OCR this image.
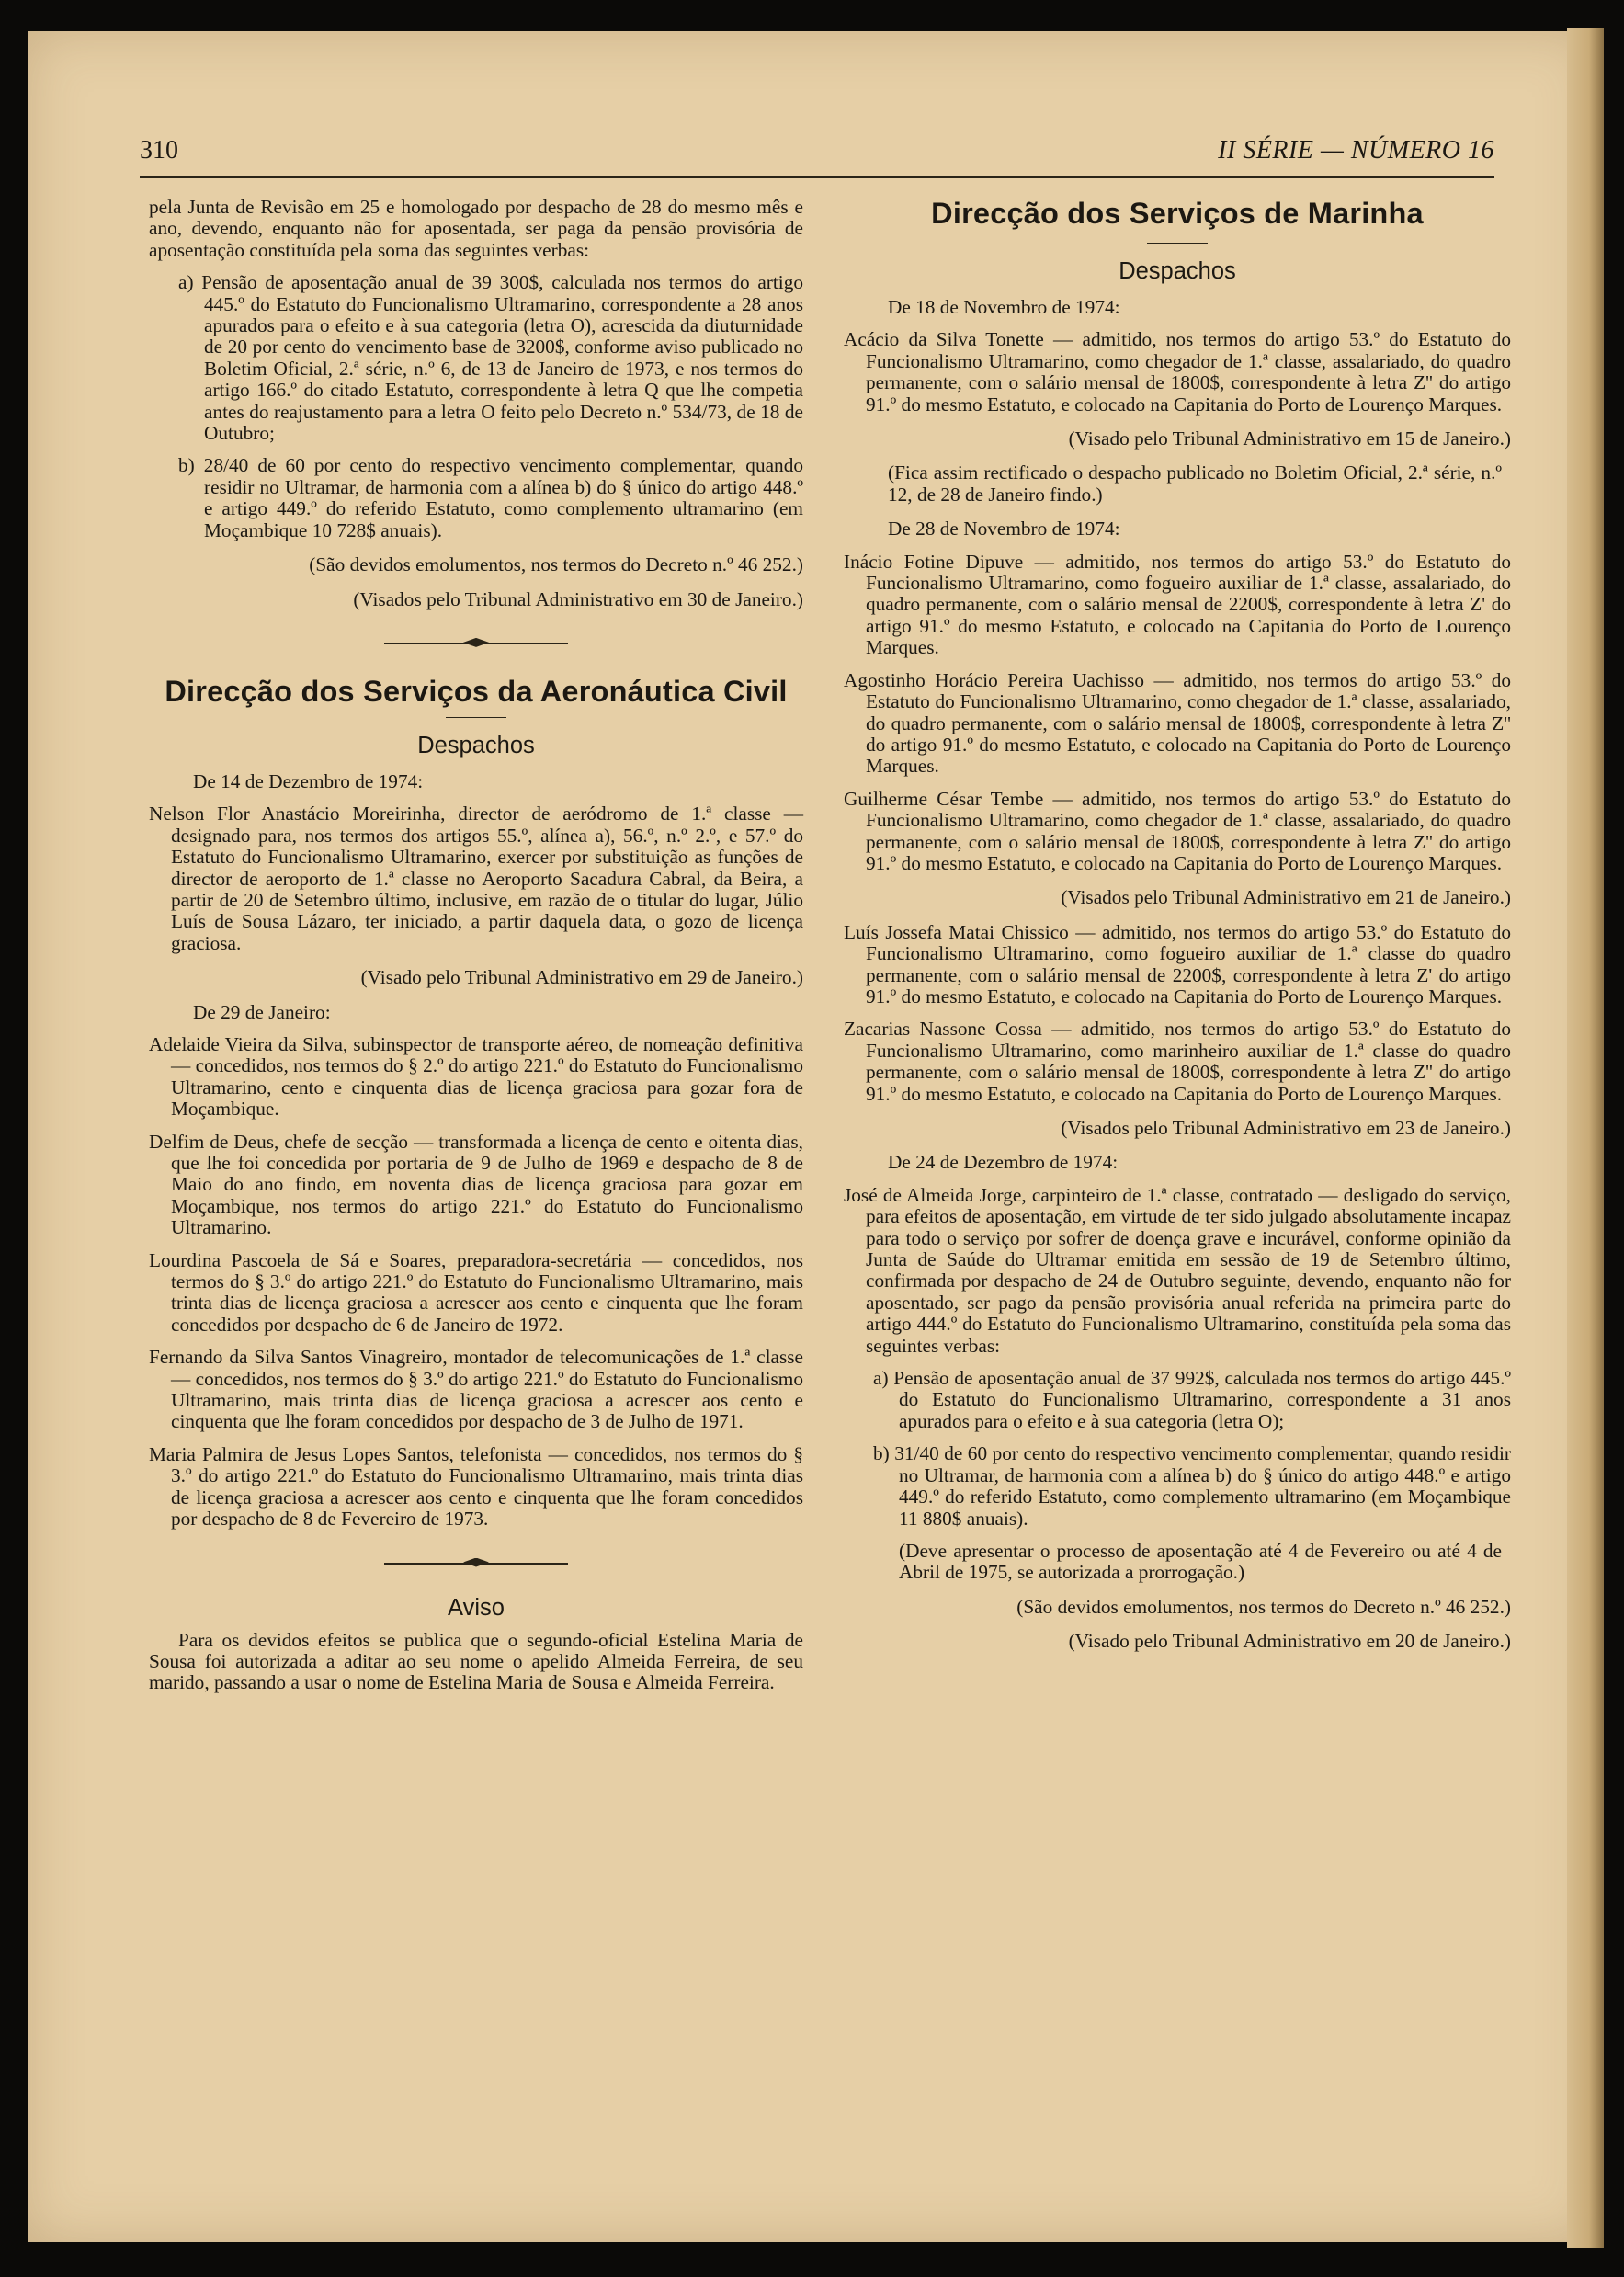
310	II SÉRIE — NÚMERO 16

pela Junta de Revisão em 25 e homologado por despacho de 28 do mesmo mês e ano, devendo, enquanto não for aposentada, ser paga da pensão provisória de aposentação constituída pela soma das seguintes verbas:

a) Pensão de aposentação anual de 39 300$, calculada nos termos do artigo 445.º do Estatuto do Funcionalismo Ultramarino, correspondente a 28 anos apurados para o efeito e à sua categoria (letra O), acrescida da diuturnidade de 20 por cento do vencimento base de 3200$, conforme aviso publicado no Boletim Oficial, 2.ª série, n.º 6, de 13 de Janeiro de 1973, e nos termos do artigo 166.º do citado Estatuto, correspondente à letra Q que lhe competia antes do reajustamento para a letra O feito pelo Decreto n.º 534/73, de 18 de Outubro;

b) 28/40 de 60 por cento do respectivo vencimento complementar, quando residir no Ultramar, de harmonia com a alínea b) do § único do artigo 448.º e artigo 449.º do referido Estatuto, como complemento ultramarino (em Moçambique 10 728$ anuais).

(São devidos emolumentos, nos termos do Decreto n.º 46 252.)

(Visados pelo Tribunal Administrativo em 30 de Janeiro.)

Direcção dos Serviços da Aeronáutica Civil
Despachos

De 14 de Dezembro de 1974:

Nelson Flor Anastácio Moreirinha, director de aeródromo de 1.ª classe — designado para, nos termos dos artigos 55.º, alínea a), 56.º, n.º 2.º, e 57.º do Estatuto do Funcionalismo Ultramarino, exercer por substituição as funções de director de aeroporto de 1.ª classe no Aeroporto Sacadura Cabral, da Beira, a partir de 20 de Setembro último, inclusive, em razão de o titular do lugar, Júlio Luís de Sousa Lázaro, ter iniciado, a partir daquela data, o gozo de licença graciosa.

(Visado pelo Tribunal Administrativo em 29 de Janeiro.)

De 29 de Janeiro:

Adelaide Vieira da Silva, subinspector de transporte aéreo, de nomeação definitiva — concedidos, nos termos do § 2.º do artigo 221.º do Estatuto do Funcionalismo Ultramarino, cento e cinquenta dias de licença graciosa para gozar fora de Moçambique.

Delfim de Deus, chefe de secção — transformada a licença de cento e oitenta dias, que lhe foi concedida por portaria de 9 de Julho de 1969 e despacho de 8 de Maio do ano findo, em noventa dias de licença graciosa para gozar em Moçambique, nos termos do artigo 221.º do Estatuto do Funcionalismo Ultramarino.

Lourdina Pascoela de Sá e Soares, preparadora-secretária — concedidos, nos termos do § 3.º do artigo 221.º do Estatuto do Funcionalismo Ultramarino, mais trinta dias de licença graciosa a acrescer aos cento e cinquenta que lhe foram concedidos por despacho de 6 de Janeiro de 1972.

Fernando da Silva Santos Vinagreiro, montador de telecomunicações de 1.ª classe — concedidos, nos termos do § 3.º do artigo 221.º do Estatuto do Funcionalismo Ultramarino, mais trinta dias de licença graciosa a acrescer aos cento e cinquenta que lhe foram concedidos por despacho de 3 de Julho de 1971.

Maria Palmira de Jesus Lopes Santos, telefonista — concedidos, nos termos do § 3.º do artigo 221.º do Estatuto do Funcionalismo Ultramarino, mais trinta dias de licença graciosa a acrescer aos cento e cinquenta que lhe foram concedidos por despacho de 8 de Fevereiro de 1973.

Aviso

Para os devidos efeitos se publica que o segundo-oficial Estelina Maria de Sousa foi autorizada a aditar ao seu nome o apelido Almeida Ferreira, de seu marido, passando a usar o nome de Estelina Maria de Sousa e Almeida Ferreira.

Direcção dos Serviços de Marinha
Despachos

De 18 de Novembro de 1974:

Acácio da Silva Tonette — admitido, nos termos do artigo 53.º do Estatuto do Funcionalismo Ultramarino, como chegador de 1.ª classe, assalariado, do quadro permanente, com o salário mensal de 1800$, correspondente à letra Z'' do artigo 91.º do mesmo Estatuto, e colocado na Capitania do Porto de Lourenço Marques.

(Visado pelo Tribunal Administrativo em 15 de Janeiro.)

(Fica assim rectificado o despacho publicado no Boletim Oficial, 2.ª série, n.º 12, de 28 de Janeiro findo.)

De 28 de Novembro de 1974:

Inácio Fotine Dipuve — admitido, nos termos do artigo 53.º do Estatuto do Funcionalismo Ultramarino, como fogueiro auxiliar de 1.ª classe, assalariado, do quadro permanente, com o salário mensal de 2200$, correspondente à letra Z' do artigo 91.º do mesmo Estatuto, e colocado na Capitania do Porto de Lourenço Marques.

Agostinho Horácio Pereira Uachisso — admitido, nos termos do artigo 53.º do Estatuto do Funcionalismo Ultramarino, como chegador de 1.ª classe, assalariado, do quadro permanente, com o salário mensal de 1800$, correspondente à letra Z'' do artigo 91.º do mesmo Estatuto, e colocado na Capitania do Porto de Lourenço Marques.

Guilherme César Tembe — admitido, nos termos do artigo 53.º do Estatuto do Funcionalismo Ultramarino, como chegador de 1.ª classe, assalariado, do quadro permanente, com o salário mensal de 1800$, correspondente à letra Z'' do artigo 91.º do mesmo Estatuto, e colocado na Capitania do Porto de Lourenço Marques.

(Visados pelo Tribunal Administrativo em 21 de Janeiro.)

Luís Jossefa Matai Chissico — admitido, nos termos do artigo 53.º do Estatuto do Funcionalismo Ultramarino, como fogueiro auxiliar de 1.ª classe do quadro permanente, com o salário mensal de 2200$, correspondente à letra Z' do artigo 91.º do mesmo Estatuto, e colocado na Capitania do Porto de Lourenço Marques.

Zacarias Nassone Cossa — admitido, nos termos do artigo 53.º do Estatuto do Funcionalismo Ultramarino, como marinheiro auxiliar de 1.ª classe do quadro permanente, com o salário mensal de 1800$, correspondente à letra Z'' do artigo 91.º do mesmo Estatuto, e colocado na Capitania do Porto de Lourenço Marques.

(Visados pelo Tribunal Administrativo em 23 de Janeiro.)

De 24 de Dezembro de 1974:

José de Almeida Jorge, carpinteiro de 1.ª classe, contratado — desligado do serviço, para efeitos de aposentação, em virtude de ter sido julgado absolutamente incapaz para todo o serviço por sofrer de doença grave e incurável, conforme opinião da Junta de Saúde do Ultramar emitida em sessão de 19 de Setembro último, confirmada por despacho de 24 de Outubro seguinte, devendo, enquanto não for aposentado, ser pago da pensão provisória anual referida na primeira parte do artigo 444.º do Estatuto do Funcionalismo Ultramarino, constituída pela soma das seguintes verbas:

a) Pensão de aposentação anual de 37 992$, calculada nos termos do artigo 445.º do Estatuto do Funcionalismo Ultramarino, correspondente a 31 anos apurados para o efeito e à sua categoria (letra O);

b) 31/40 de 60 por cento do respectivo vencimento complementar, quando residir no Ultramar, de harmonia com a alínea b) do § único do artigo 448.º e artigo 449.º do referido Estatuto, como complemento ultramarino (em Moçambique 11 880$ anuais).

(Deve apresentar o processo de aposentação até 4 de Fevereiro ou até 4 de Abril de 1975, se autorizada a prorrogação.)

(São devidos emolumentos, nos termos do Decreto n.º 46 252.)

(Visado pelo Tribunal Administrativo em 20 de Janeiro.)
